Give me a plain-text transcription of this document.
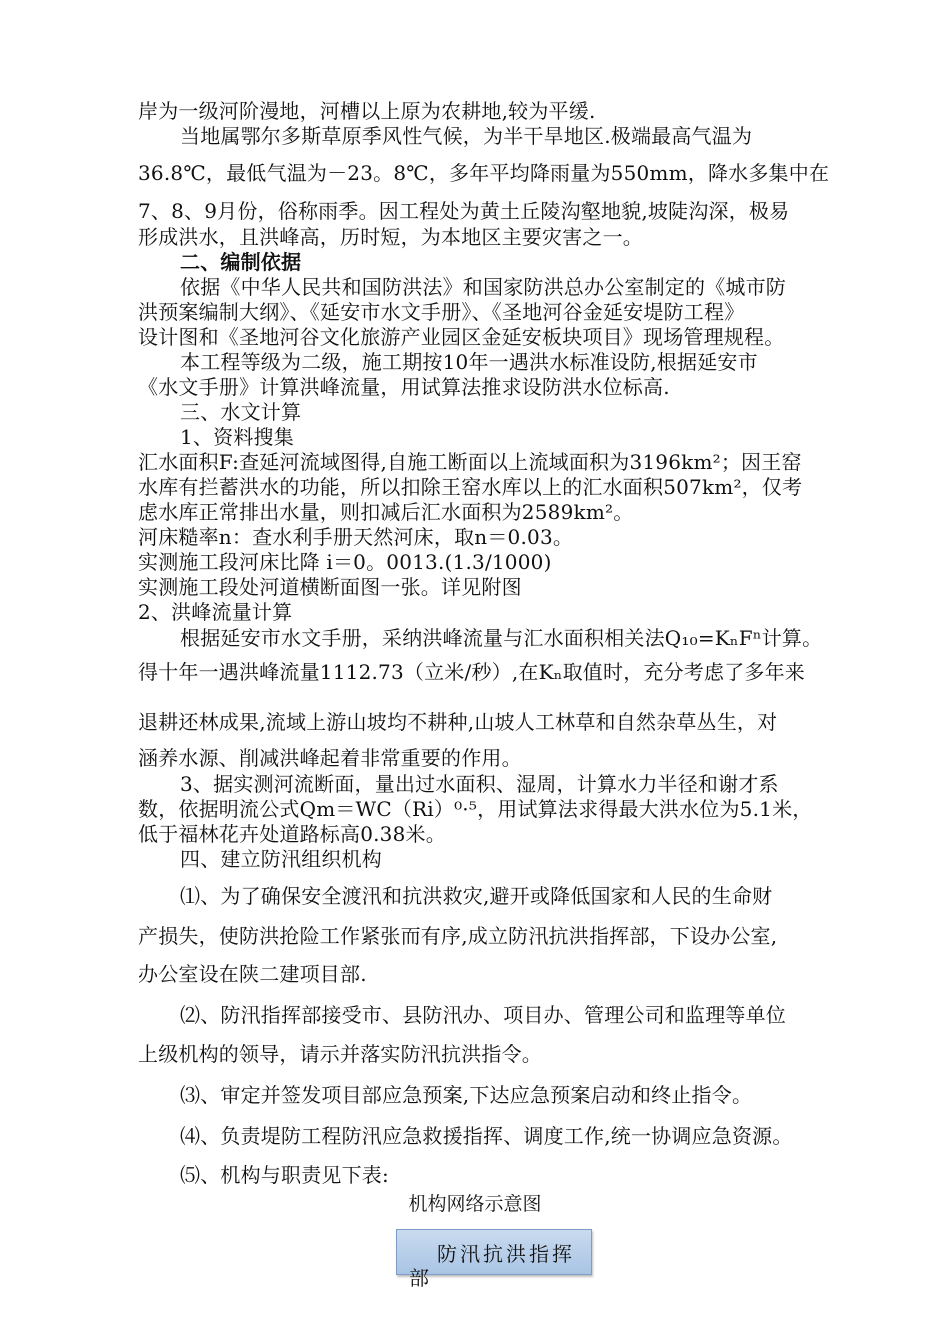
岸为一级河阶漫地，河槽以上原为农耕地,较为平缓.
当地属鄂尔多斯草原季风性气候，为半干旱地区.极端最高气温为
36.8℃，最低气温为－23。8℃，多年平均降雨量为550mm，降水多集中在
7、8、9月份，俗称雨季。因工程处为黄土丘陵沟壑地貌,坡陡沟深，极易
形成洪水，且洪峰高，历时短，为本地区主要灾害之一。
二、编制依据
依据《中华人民共和国防洪法》和国家防洪总办公室制定的《城市防
洪预案编制大纲》、《延安市水文手册》、《圣地河谷金延安堤防工程》
设计图和《圣地河谷文化旅游产业园区金延安板块项目》现场管理规程。
本工程等级为二级，施工期按10年一遇洪水标准设防,根据延安市
《水文手册》计算洪峰流量，用试算法推求设防洪水位标高.
三、水文计算
1、资料搜集
汇水面积F:查延河流域图得,自施工断面以上流域面积为3196km²；因王窑
水库有拦蓄洪水的功能，所以扣除王窑水库以上的汇水面积507km²，仅考
虑水库正常排出水量，则扣减后汇水面积为2589km²。
河床糙率n：查水利手册天然河床，取n＝0.03。
实测施工段河床比降 i＝0。0013.(1.3/1000)
实测施工段处河道横断面图一张。详见附图
2、洪峰流量计算
根据延安市水文手册，采纳洪峰流量与汇水面积相关法Q₁₀=KₙFⁿ计算。
得十年一遇洪峰流量1112.73（立米/秒）,在Kₙ取值时，充分考虑了多年来
退耕还林成果,流域上游山坡均不耕种,山坡人工林草和自然杂草丛生，对
涵养水源、削减洪峰起着非常重要的作用。
3、据实测河流断面，量出过水面积、湿周，计算水力半径和谢才系
数，依据明流公式Qm＝WC（Ri）⁰·⁵，用试算法求得最大洪水位为5.1米，
低于福林花卉处道路标高0.38米。
四、建立防汛组织机构
⑴、为了确保安全渡汛和抗洪救灾,避开或降低国家和人民的生命财
产损失，使防洪抢险工作紧张而有序,成立防汛抗洪指挥部，下设办公室,
办公室设在陕二建项目部.
⑵、防汛指挥部接受市、县防汛办、项目办、管理公司和监理等单位
上级机构的领导，请示并落实防汛抗洪指令。
⑶、审定并签发项目部应急预案,下达应急预案启动和终止指令。
⑷、负责堤防工程防汛应急救援指挥、调度工作,统一协调应急资源。
⑸、机构与职责见下表:
机构网络示意图
防汛抗洪指挥
部
